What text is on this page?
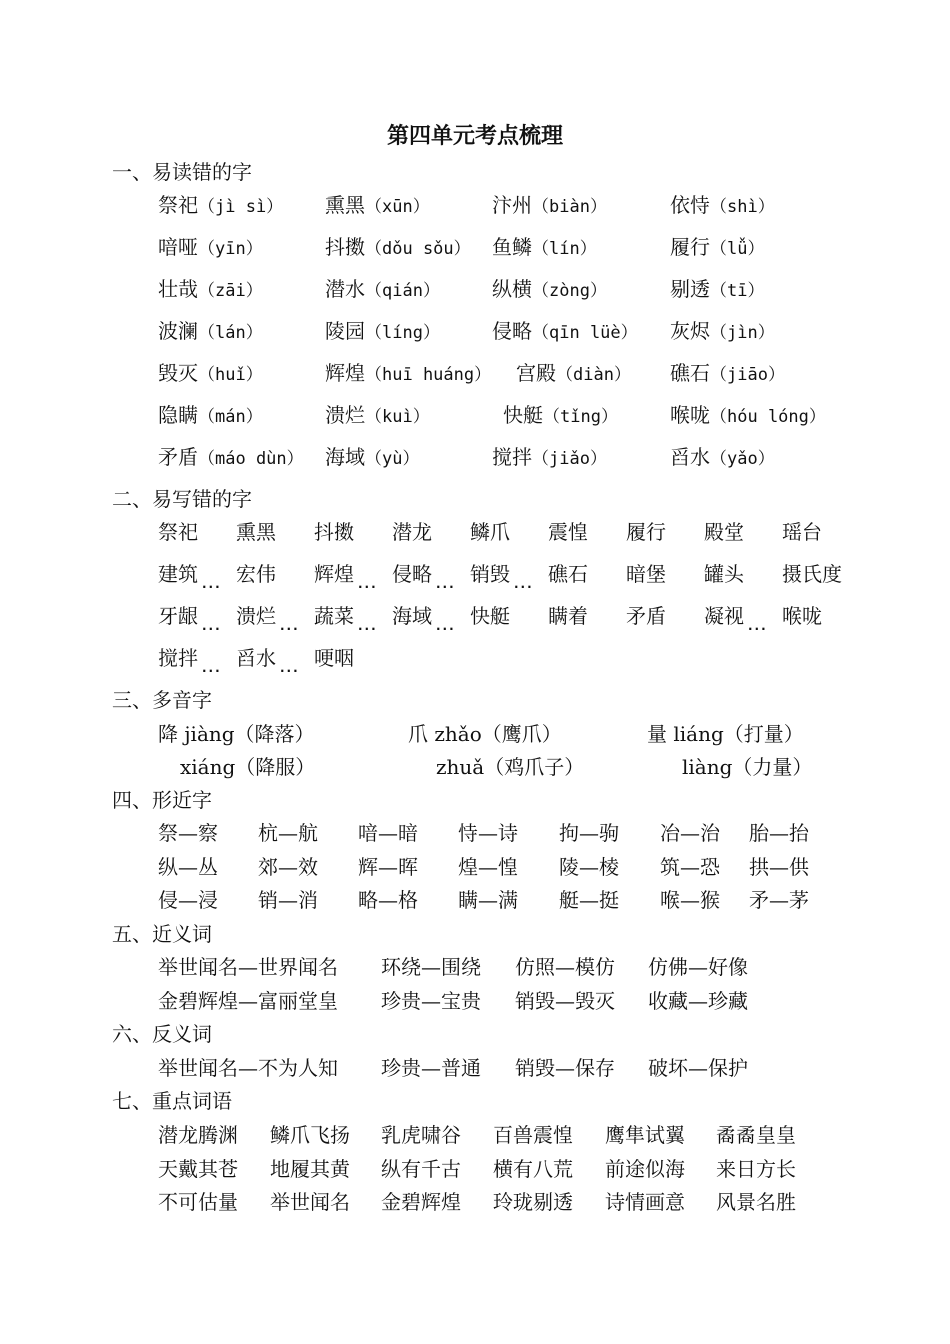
第四单元考点梳理
一、易读错的字
祭祀（jì sì） 熏黑（xūn）	汴州（biàn）	依恃（shì）
喑哑（yīn）	抖擞（dǒu sǒu） 鱼鳞（lín）	履行（lǚ）
壮哉（zāi）	潜水（qián）	纵横（zòng）	剔透（tī）
波澜（lán）	陵园（líng）	侵略（qīn lüè） 灰烬（jìn）
毁灭（huǐ）	辉煌（huī huáng） 宫殿（diàn） 礁石（jiāo）
隐瞒（mán）	溃烂（kuì）	快艇（tǐng）	喉咙（hóu lóng）
矛盾（máo dùn） 海域（yù）	搅拌（jiǎo）	舀水（yǎo）
二、易写错的字
祭祀 熏黑 抖擞 潜龙 鳞爪 震惶 履行 殿堂 瑶台
建筑 ... 宏伟 辉煌 ... 侵略 ... 销毁 ... 礁石 暗堡 罐头 摄氏度
牙龈 ... 溃烂 ... 蔬菜 ... 海域 ... 快艇 瞒着 矛盾 凝视 ... 喉咙
搅拌 ... 舀水 ... 哽咽
三、多音字
降 jiàng（降落）	爪 zhǎo（鹰爪）	量 liáng（打量）
xiáng（降服）	zhuǎ（鸡爪子）	liàng（力量）
四、形近字
祭—察 杭—航 喑—暗 恃—诗 拘—驹 冶—治 胎—抬
纵—丛 郊—效 辉—晖 煌—惶 陵—棱 筑—恐 拱—供
侵—浸 销—消 略—格 瞒—满 艇—挺 喉—猴 矛—茅
五、近义词
举世闻名—世界闻名 环绕—围绕 仿照—模仿 仿佛—好像
金碧辉煌—富丽堂皇 珍贵—宝贵 销毁—毁灭 收藏—珍藏
六、反义词
举世闻名—不为人知 珍贵—普通 销毁—保存 破坏—保护
七、重点词语
潜龙腾渊 鳞爪飞扬 乳虎啸谷 百兽震惶 鹰隼试翼 矞矞皇皇
天戴其苍 地履其黄 纵有千古 横有八荒 前途似海 来日方长
不可估量 举世闻名 金碧辉煌 玲珑剔透 诗情画意 风景名胜
